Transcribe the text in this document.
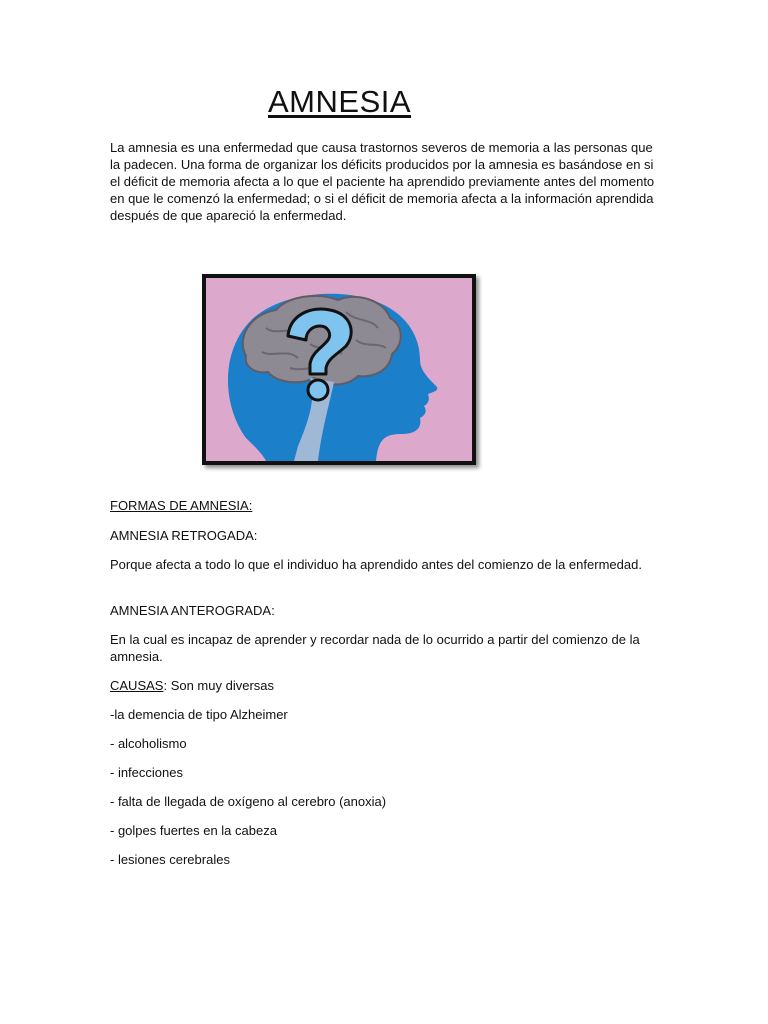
AMNESIA

La amnesia es una enfermedad que causa trastornos severos de memoria a las personas que la padecen. Una forma de organizar los déficits producidos por la amnesia es basándose en si el déficit de memoria afecta a lo que el paciente ha aprendido previamente antes del momento en que le comenzó la enfermedad; o si el déficit de memoria afecta a la información aprendida después de que apareció la enfermedad.

FORMAS DE AMNESIA:

AMNESIA RETROGADA:

Porque afecta a todo lo que el individuo ha aprendido antes del comienzo de la enfermedad.

AMNESIA ANTEROGRADA:

En la cual es incapaz de aprender y recordar nada de lo ocurrido a partir del comienzo de la amnesia.

CAUSAS: Son muy diversas

-la demencia de tipo Alzheimer

- alcoholismo

- infecciones

- falta de llegada de oxígeno al cerebro (anoxia)

- golpes fuertes en la cabeza

- lesiones cerebrales
